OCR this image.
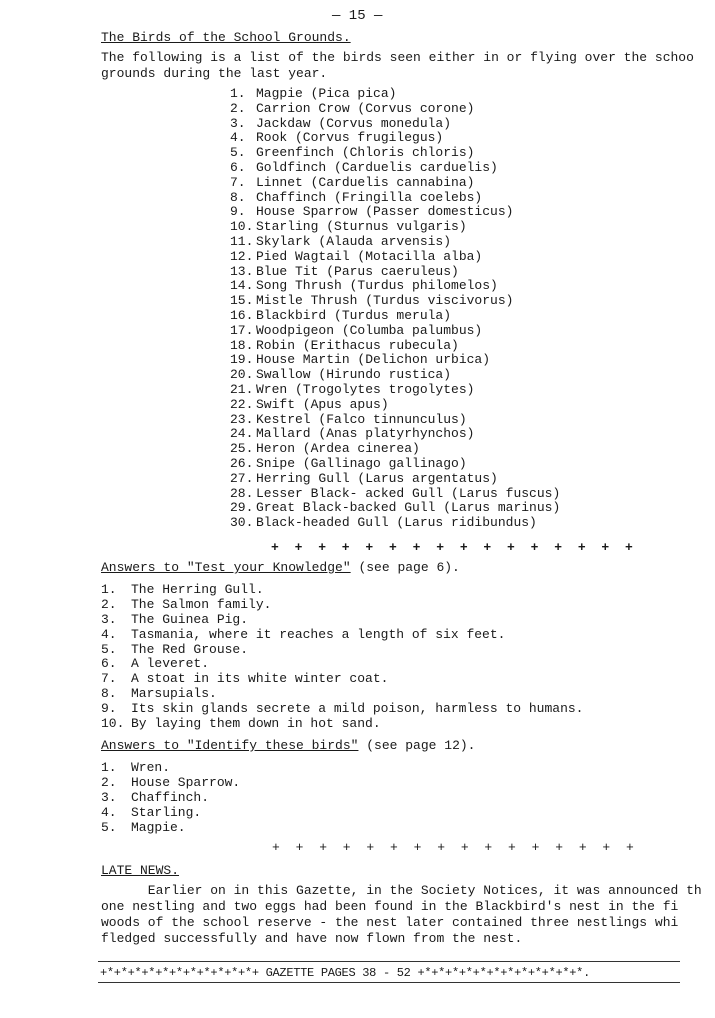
— 15 —
The Birds of the School Grounds.
The following is a list of the birds seen either in or flying over the schoo
grounds during the last year.
1. Magpie (Pica pica)
2. Carrion Crow (Corvus corone)
3. Jackdaw (Corvus monedula)
4. Rook (Corvus frugilegus)
5. Greenfinch (Chloris chloris)
6. Goldfinch (Carduelis carduelis)
7. Linnet (Carduelis cannabina)
8. Chaffinch (Fringilla coelebs)
9. House Sparrow (Passer domesticus)
10. Starling (Sturnus vulgaris)
11. Skylark (Alauda arvensis)
12. Pied Wagtail (Motacilla alba)
13. Blue Tit (Parus caeruleus)
14. Song Thrush (Turdus philomelos)
15. Mistle Thrush (Turdus viscivorus)
16. Blackbird (Turdus merula)
17. Woodpigeon (Columba palumbus)
18. Robin (Erithacus rubecula)
19. House Martin (Delichon urbica)
20. Swallow (Hirundo rustica)
21. Wren (Trogolytes trogolytes)
22. Swift (Apus apus)
23. Kestrel (Falco tinnunculus)
24. Mallard (Anas platyrhynchos)
25. Heron (Ardea cinerea)
26. Snipe (Gallinago gallinago)
27. Herring Gull (Larus argentatus)
28. Lesser Black- acked Gull (Larus fuscus)
29. Great Black-backed Gull (Larus marinus)
30. Black-headed Gull (Larus ridibundus)
+ + + + + + + + + + + + + + + +
Answers to "Test your Knowledge" (see page 6).
1. The Herring Gull.
2. The Salmon family.
3. The Guinea Pig.
4. Tasmania, where it reaches a length of six feet.
5. The Red Grouse.
6. A leveret.
7. A stoat in its white winter coat.
8. Marsupials.
9. Its skin glands secrete a mild poison, harmless to humans.
10. By laying them down in hot sand.
Answers to "Identify these birds" (see page 12).
1. Wren.
2. House Sparrow.
3. Chaffinch.
4. Starling.
5. Magpie.
+ + + + + + + + + + + + + + + +
LATE NEWS.
Earlier on in this Gazette, in the Society Notices, it was announced th
one nestling and two eggs had been found in the Blackbird's nest in the fi
woods of the school reserve - the nest later contained three nestlings whi
fledged successfully and have now flown from the nest.
+*+*+*+*+*+*+*+*+*+*+*+ GAZETTE PAGES 38 - 52 +*+*+*+*+*+*+*+*+*+*+*+*.
